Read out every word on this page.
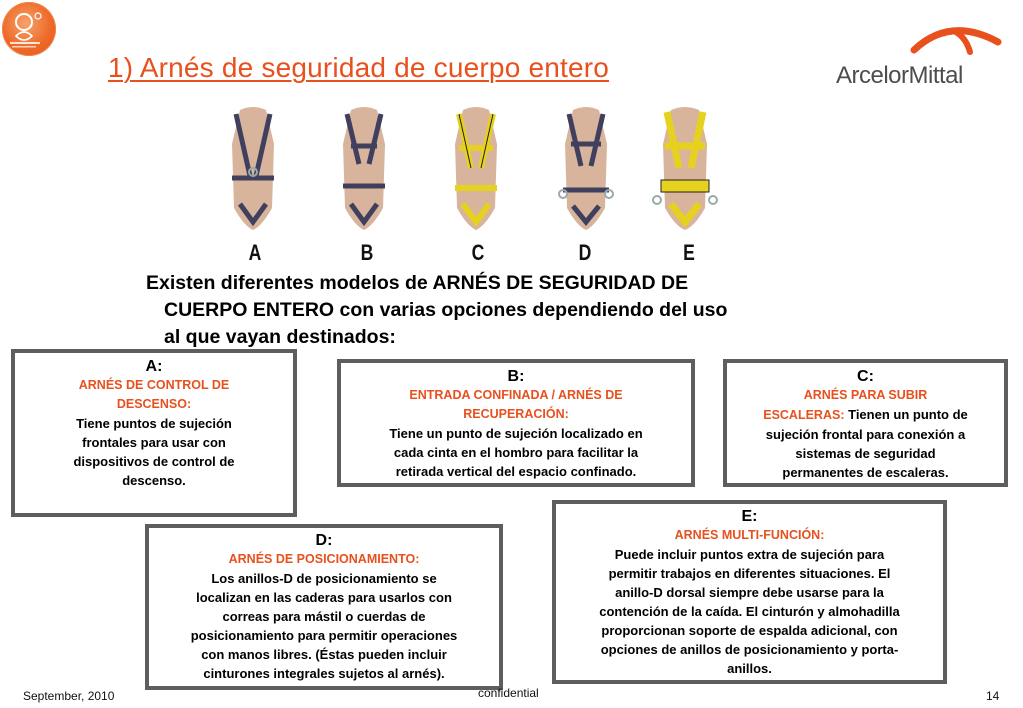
1) Arnés de seguridad de cuerpo entero	ArcelorMittal
A	B	C	D	E
Existen diferentes modelos de ARNÉS DE SEGURIDAD DE
CUERPO ENTERO con varias opciones dependiendo del uso
al que vayan destinados:
A:
ARNÉS DE CONTROL DE
DESCENSO:
Tiene puntos de sujeción
frontales para usar con
dispositivos de control de
descenso.
B:
ENTRADA CONFINADA / ARNÉS DE
RECUPERACIÓN:
Tiene un punto de sujeción localizado en
cada cinta en el hombro para facilitar la
retirada vertical del espacio confinado.
C:
ARNÉS PARA SUBIR
ESCALERAS: Tienen un punto de
sujeción frontal para conexión a
sistemas de seguridad
permanentes de escaleras.
E:
ARNÉS MULTI-FUNCIÓN:
Puede incluir puntos extra de sujeción para
permitir trabajos en diferentes situaciones. El
anillo-D dorsal siempre debe usarse para la
contención de la caída. El cinturón y almohadilla
proporcionan soporte de espalda adicional, con
opciones de anillos de posicionamiento y porta-
anillos.
D:
ARNÉS DE POSICIONAMIENTO:
Los anillos-D de posicionamiento se
localizan en las caderas para usarlos con
correas para mástil o cuerdas de
posicionamiento para permitir operaciones
con manos libres. (Éstas pueden incluir
cinturones integrales sujetos al arnés).
September, 2010	confidential	14
